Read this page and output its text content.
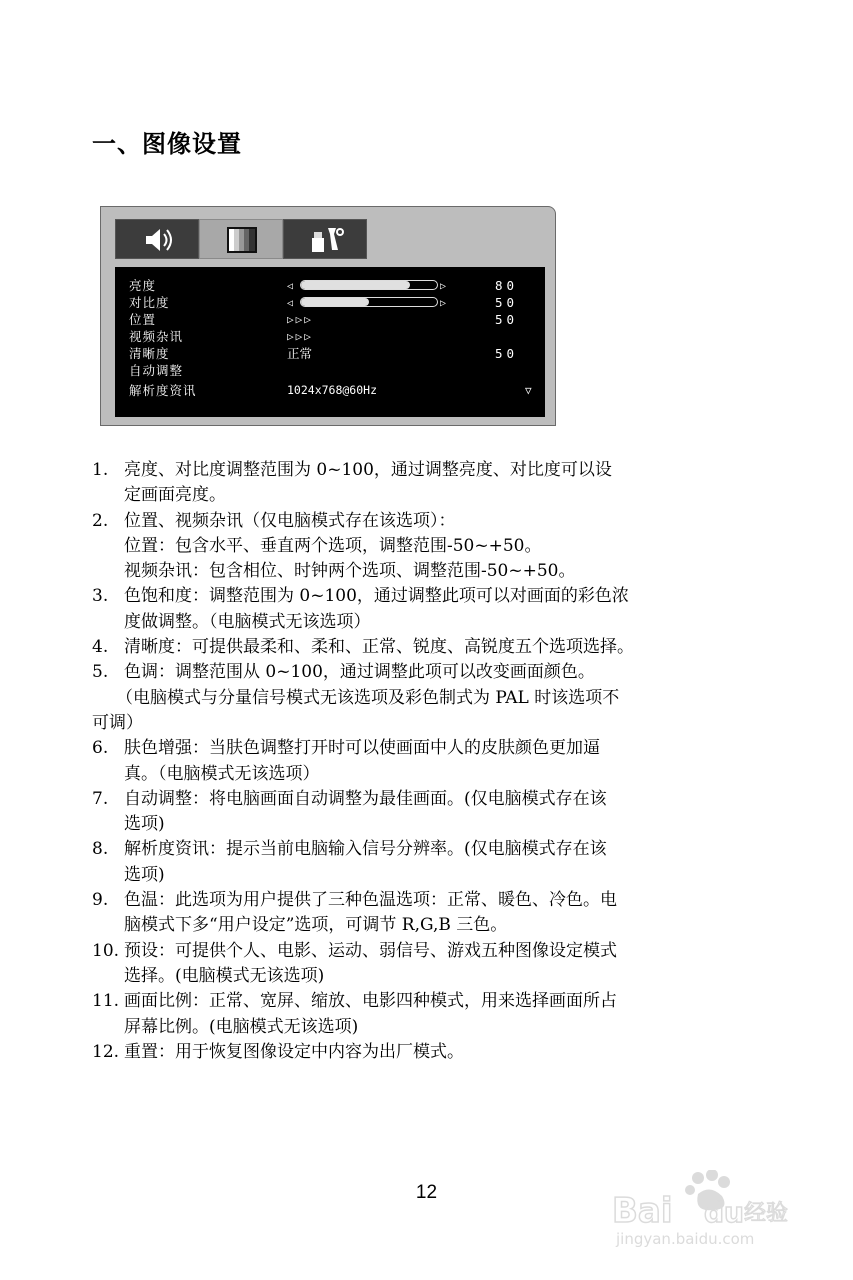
一、图像设置
亮度	◁	▷	80
对比度	◁	▷	50
位置	▷▷▷	50
视频杂讯	▷▷▷
清晰度	正常	50
自动调整
解析度资讯	1024x768@60Hz	▽
1. 亮度、对比度调整范围为 0~100，通过调整亮度、对比度可以设
定画面亮度。
2. 位置、视频杂讯（仅电脑模式存在该选项）：
位置：包含水平、垂直两个选项，调整范围-50~+50。
视频杂讯：包含相位、时钟两个选项、调整范围-50~+50。
3. 色饱和度：调整范围为 0~100，通过调整此项可以对画面的彩色浓
度做调整。（电脑模式无该选项）
4. 清晰度：可提供最柔和、柔和、正常、锐度、高锐度五个选项选择。
5. 色调：调整范围从 0~100，通过调整此项可以改变画面颜色。
（电脑模式与分量信号模式无该选项及彩色制式为 PAL 时该选项不
可调）
6. 肤色增强：当肤色调整打开时可以使画面中人的皮肤颜色更加逼
真。（电脑模式无该选项）
7. 自动调整：将电脑画面自动调整为最佳画面。(仅电脑模式存在该
选项)
8. 解析度资讯：提示当前电脑输入信号分辨率。(仅电脑模式存在该
选项)
9. 色温：此选项为用户提供了三种色温选项：正常、暖色、冷色。电
脑模式下多“用户设定”选项，可调节 R,G,B 三色。
10. 预设：可提供个人、电影、运动、弱信号、游戏五种图像设定模式
选择。(电脑模式无该选项)
11. 画面比例：正常、宽屏、缩放、电影四种模式，用来选择画面所占
屏幕比例。(电脑模式无该选项)
12. 重置：用于恢复图像设定中内容为出厂模式。
12	Bai du 经验
jingyan.baidu.com
